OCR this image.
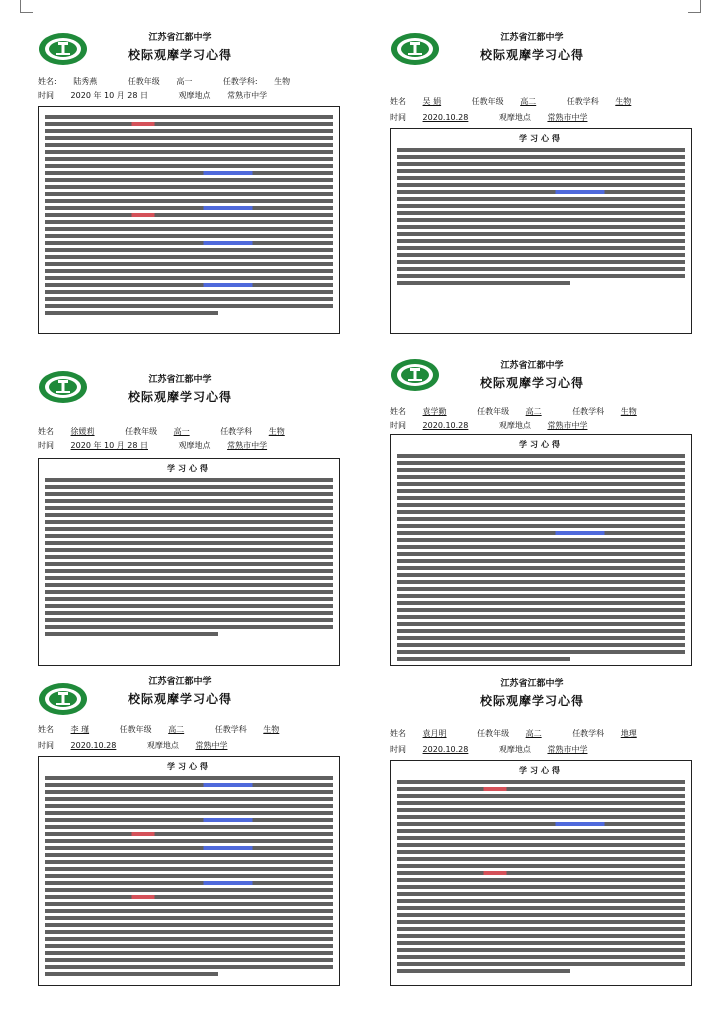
江苏省江都中学
校际观摩学习心得
姓名: 陆秀燕	任教年级 高一	任教学科: 生物
时间 2020 年 10 月 28 日	观摩地点 常熟市中学
江苏省江都中学
校际观摩学习心得
姓名 吴 娟	任教年级 高二	任教学科 生物
时间 2020.10.28	观摩地点 常熟市中学
学习心得
江苏省江都中学
校际观摩学习心得
姓名 徐媛莉	任教年级 高一	任教学科 生物
时间 2020 年 10 月 28 日	观摩地点 常熟市中学
学习心得
江苏省江都中学
校际观摩学习心得
姓名 袁学勤	任教年级 高二	任教学科 生物
时间 2020.10.28	观摩地点 常熟市中学
学习心得
江苏省江都中学
校际观摩学习心得
姓名 李 瑾	任教年级 高二	任教学科 生物
时间 2020.10.28	观摩地点 常熟中学
学习心得
江苏省江都中学
校际观摩学习心得
姓名 袁月明	任教年级 高二	任教学科 地理
时间 2020.10.28	观摩地点 常熟市中学
学习心得
